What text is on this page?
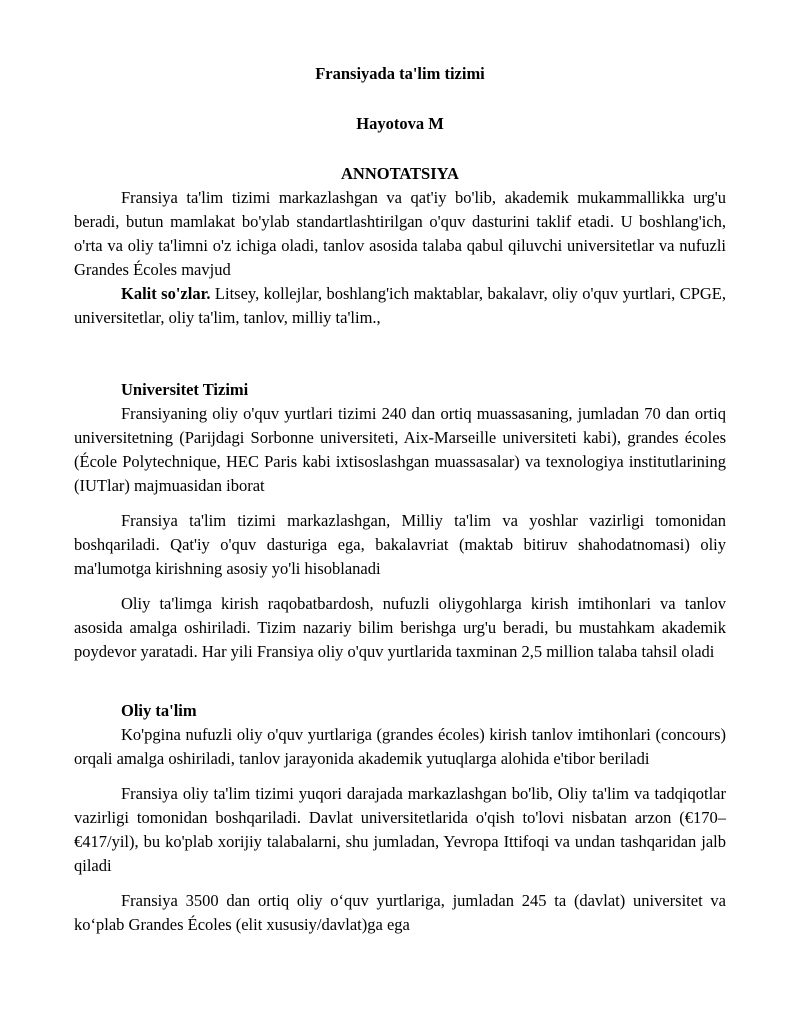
Fransiyada ta'lim tizimi

Hayotova M

ANNOTATSIYA

Fransiya ta'lim tizimi markazlashgan va qat'iy bo'lib, akademik mukammallikka urg'u beradi, butun mamlakat bo'ylab standartlashtirilgan o'quv dasturini taklif etadi. U boshlang'ich, o'rta va oliy ta'limni o'z ichiga oladi, tanlov asosida talaba qabul qiluvchi universitetlar va nufuzli Grandes Écoles mavjud

Kalit so'zlar. Litsey, kollejlar, boshlang'ich maktablar, bakalavr, oliy o'quv yurtlari, CPGE, universitetlar, oliy ta'lim, tanlov, milliy ta'lim.,

Universitet Tizimi

Fransiyaning oliy o'quv yurtlari tizimi 240 dan ortiq muassasaning, jumladan 70 dan ortiq universitetning (Parijdagi Sorbonne universiteti, Aix-Marseille universiteti kabi), grandes écoles (École Polytechnique, HEC Paris kabi ixtisoslashgan muassasalar) va texnologiya institutlarining (IUTlar) majmuasidan iborat

Fransiya ta'lim tizimi markazlashgan, Milliy ta'lim va yoshlar vazirligi tomonidan boshqariladi. Qat'iy o'quv dasturiga ega, bakalavriat (maktab bitiruv shahodatnomasi) oliy ma'lumotga kirishning asosiy yo'li hisoblanadi

Oliy ta'limga kirish raqobatbardosh, nufuzli oliygohlarga kirish imtihonlari va tanlov asosida amalga oshiriladi. Tizim nazariy bilim berishga urg'u beradi, bu mustahkam akademik poydevor yaratadi. Har yili Fransiya oliy o'quv yurtlarida taxminan 2,5 million talaba tahsil oladi

Oliy ta'lim

Ko'pgina nufuzli oliy o'quv yurtlariga (grandes écoles) kirish tanlov imtihonlari (concours) orqali amalga oshiriladi, tanlov jarayonida akademik yutuqlarga alohida e'tibor beriladi

Fransiya oliy ta'lim tizimi yuqori darajada markazlashgan bo'lib, Oliy ta'lim va tadqiqotlar vazirligi tomonidan boshqariladi. Davlat universitetlarida o'qish to'lovi nisbatan arzon (€170–€417/yil), bu ko'plab xorijiy talabalarni, shu jumladan, Yevropa Ittifoqi va undan tashqaridan jalb qiladi

Fransiya 3500 dan ortiq oliy oʻquv yurtlariga, jumladan 245 ta (davlat) universitet va koʻplab Grandes Écoles (elit xususiy/davlat)ga ega
